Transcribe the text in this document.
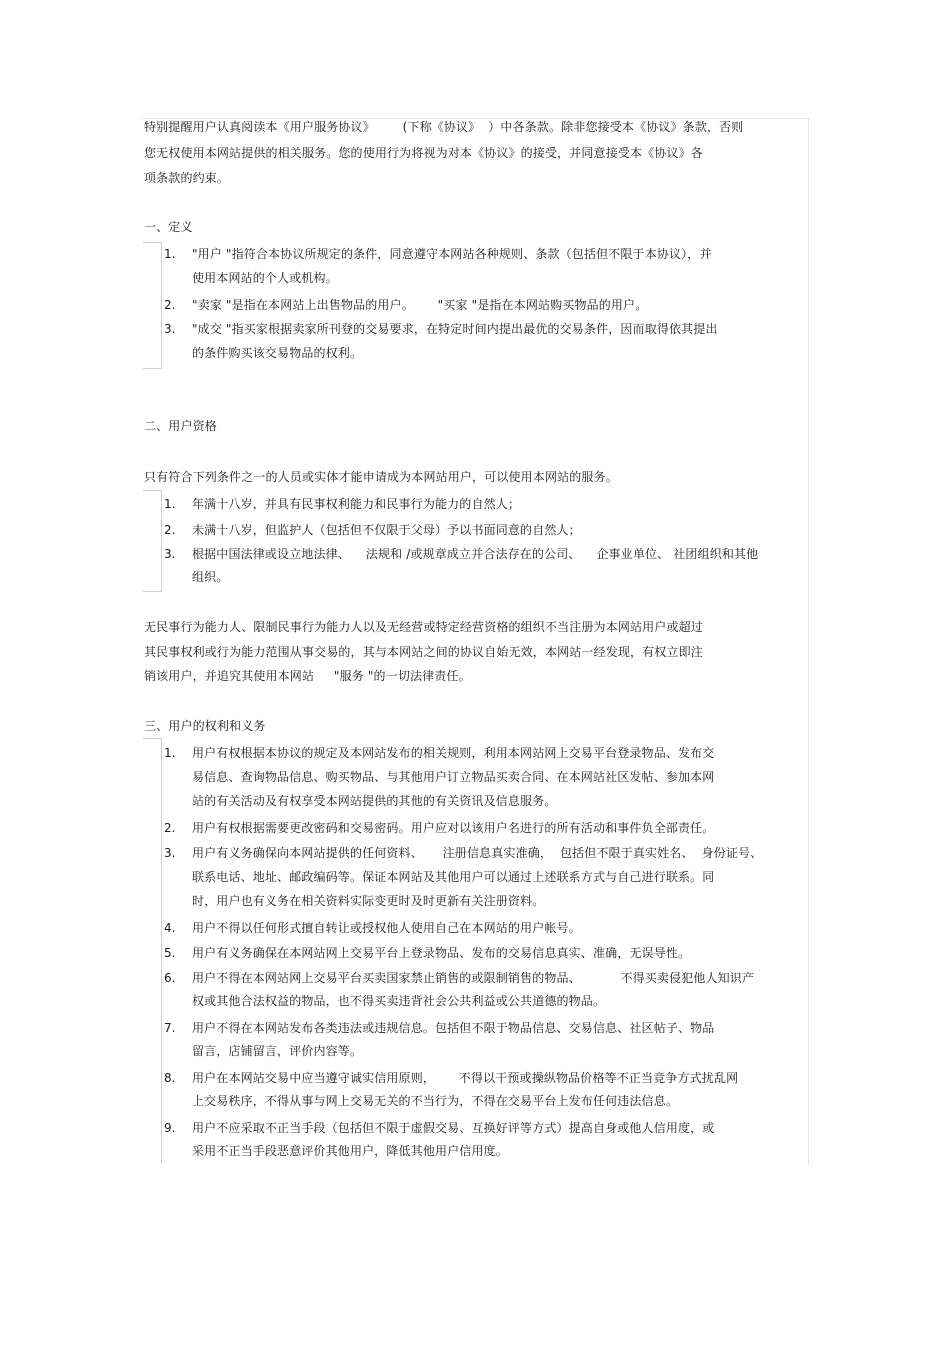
特别提醒用户认真阅读本《用户服务协议》       (下称《协议》  ）中各条款。除非您接受本《协议》条款，否则
您无权使用本网站提供的相关服务。您的使用行为将视为对本《协议》的接受，并同意接受本《协议》各
项条款的约束。
一、定义
1. "用户 "指符合本协议所规定的条件，同意遵守本网站各种规则、条款（包括但不限于本协议），并
使用本网站的个人或机构。
2. "卖家 "是指在本网站上出售物品的用户。      "买家 "是指在本网站购买物品的用户。
3. "成交 "指买家根据卖家所刊登的交易要求，在特定时间内提出最优的交易条件，因而取得依其提出
的条件购买该交易物品的权利。
二、用户资格
只有符合下列条件之一的人员或实体才能申请成为本网站用户，可以使用本网站的服务。
1. 年满十八岁，并具有民事权利能力和民事行为能力的自然人；
2. 未满十八岁，但监护人（包括但不仅限于父母）予以书面同意的自然人；
3. 根据中国法律或设立地法律、    法规和 /或规章成立并合法存在的公司、    企事业单位、 社团组织和其他
组织。
无民事行为能力人、限制民事行为能力人以及无经营或特定经营资格的组织不当注册为本网站用户或超过
其民事权利或行为能力范围从事交易的，其与本网站之间的协议自始无效，本网站一经发现，有权立即注
销该用户，并追究其使用本网站     "服务 "的一切法律责任。
三、用户的权利和义务
1. 用户有权根据本协议的规定及本网站发布的相关规则，利用本网站网上交易平台登录物品、发布交
易信息、查询物品信息、购买物品、与其他用户订立物品买卖合同、在本网站社区发帖、参加本网
站的有关活动及有权享受本网站提供的其他的有关资讯及信息服务。
2. 用户有权根据需要更改密码和交易密码。用户应对以该用户名进行的所有活动和事件负全部责任。
3. 用户有义务确保向本网站提供的任何资料、     注册信息真实准确，  包括但不限于真实姓名、  身份证号、
联系电话、地址、邮政编码等。保证本网站及其他用户可以通过上述联系方式与自己进行联系。同
时，用户也有义务在相关资料实际变更时及时更新有关注册资料。
4. 用户不得以任何形式擅自转让或授权他人使用自己在本网站的用户帐号。
5. 用户有义务确保在本网站网上交易平台上登录物品、发布的交易信息真实、准确，无误导性。
6. 用户不得在本网站网上交易平台买卖国家禁止销售的或限制销售的物品、          不得买卖侵犯他人知识产
权或其他合法权益的物品，也不得买卖违背社会公共利益或公共道德的物品。
7. 用户不得在本网站发布各类违法或违规信息。包括但不限于物品信息、交易信息、社区帖子、物品
留言，店铺留言，评价内容等。
8. 用户在本网站交易中应当遵守诚实信用原则，      不得以干预或操纵物品价格等不正当竞争方式扰乱网
上交易秩序，不得从事与网上交易无关的不当行为，不得在交易平台上发布任何违法信息。
9. 用户不应采取不正当手段（包括但不限于虚假交易、互换好评等方式）提高自身或他人信用度，或
采用不正当手段恶意评价其他用户，降低其他用户信用度。
